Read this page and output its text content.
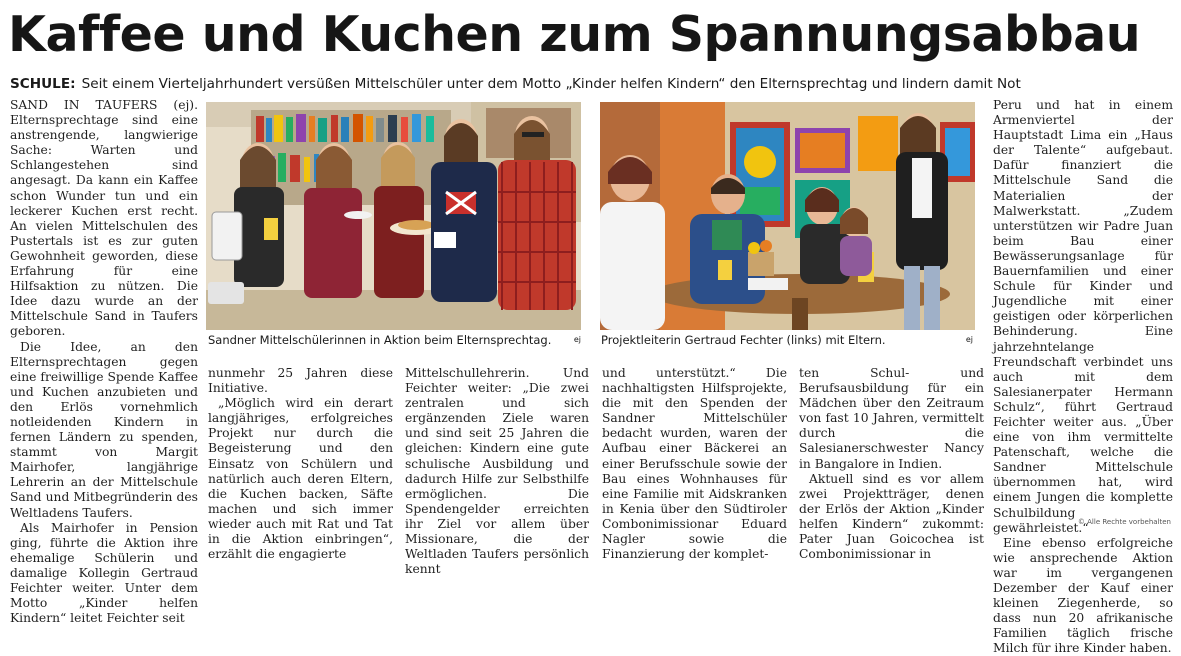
Kaffee und Kuchen zum Spannungsabbau
SCHULE: Seit einem Vierteljahrhundert versüßen Mittelschüler unter dem Motto „Kinder helfen Kindern“ den Elternsprechtag und lindern damit Not

SAND IN TAUFERS (ej). Elternsprechtage sind eine anstrengende, langwierige Sache: Warten und Schlangestehen sind angesagt. Da kann ein Kaffee schon Wunder tun und ein leckerer Kuchen erst recht. An vielen Mittelschulen des Pustertals ist es zur guten Gewohnheit geworden, diese Erfahrung für eine Hilfsaktion zu nützen. Die Idee dazu wurde an der Mittelschule Sand in Taufers geboren.

Die Idee, an den Elternsprechtagen gegen eine freiwillige Spende Kaffee und Kuchen anzubieten und den Erlös vornehmlich notleidenden Kindern in fernen Ländern zu spenden, stammt von Margit Mairhofer, langjährige Lehrerin an der Mittelschule Sand und Mitbegründerin des Weltladens Taufers.

Als Mairhofer in Pension ging, führte die Aktion ihre ehemalige Schülerin und damalige Kollegin Gertraud Feichter weiter. Unter dem Motto „Kinder helfen Kindern“ leitet Feichter seit

Sandner Mittelschülerinnen in Aktion beim Elternsprechtag.	ej Projektleiterin Gertraud Fechter (links) mit Eltern.	ej

nunmehr 25 Jahren diese Initiative.

„Möglich wird ein derart langjähriges, erfolgreiches Projekt nur durch die Begeisterung und den Einsatz von Schülern und natürlich auch deren Eltern, die Kuchen backen, Säfte machen und sich immer wieder auch mit Rat und Tat in die Aktion einbringen“, erzählt die engagierte

Mittelschullehrerin. Und Feichter weiter: „Die zwei zentralen und sich ergänzenden Ziele waren und sind seit 25 Jahren die gleichen: Kindern eine gute schulische Ausbildung und dadurch Hilfe zur Selbsthilfe ermöglichen. Die Spendengelder erreichten ihr Ziel vor allem über Missionare, die der Weltladen Taufers persönlich kennt

und unterstützt.“ Die nachhaltigsten Hilfsprojekte, die mit den Spenden der Sandner Mittelschüler bedacht wurden, waren der Aufbau einer Bäckerei an einer Berufsschule sowie der Bau eines Wohnhauses für eine Familie mit Aidskranken in Kenia über den Südtiroler Combonimissionar Eduard Nagler sowie die Finanzierung der komplet-

ten Schul- und Berufsausbildung für ein Mädchen über den Zeitraum von fast 10 Jahren, vermittelt durch die Salesianerschwester Nancy in Bangalore in Indien.

Aktuell sind es vor allem zwei Projektträger, denen der Erlös der Aktion „Kinder helfen Kindern“ zukommt: Pater Juan Goicochea ist Combonimissionar in

Peru und hat in einem Armenviertel der Hauptstadt Lima ein „Haus der Talente“ aufgebaut. Dafür finanziert die Mittelschule Sand die Materialien der Malwerkstatt. „Zudem unterstützen wir Padre Juan beim Bau einer Bewässerungsanlage für Bauernfamilien und einer Schule für Kinder und Jugendliche mit einer geistigen oder körperlichen Behinderung. Eine jahrzehntelange Freundschaft verbindet uns auch mit dem Salesianerpater Hermann Schulz“, führt Gertraud Feichter weiter aus. „Über eine von ihm vermittelte Patenschaft, welche die Sandner Mittelschule übernommen hat, wird einem Jungen die komplette Schulbildung gewährleistet.“

Eine ebenso erfolgreiche wie ansprechende Aktion war im vergangenen Dezember der Kauf einer kleinen Ziegenherde, so dass nun 20 afrikanische Familien täglich frische Milch für ihre Kinder haben.

© Alle Rechte vorbehalten
